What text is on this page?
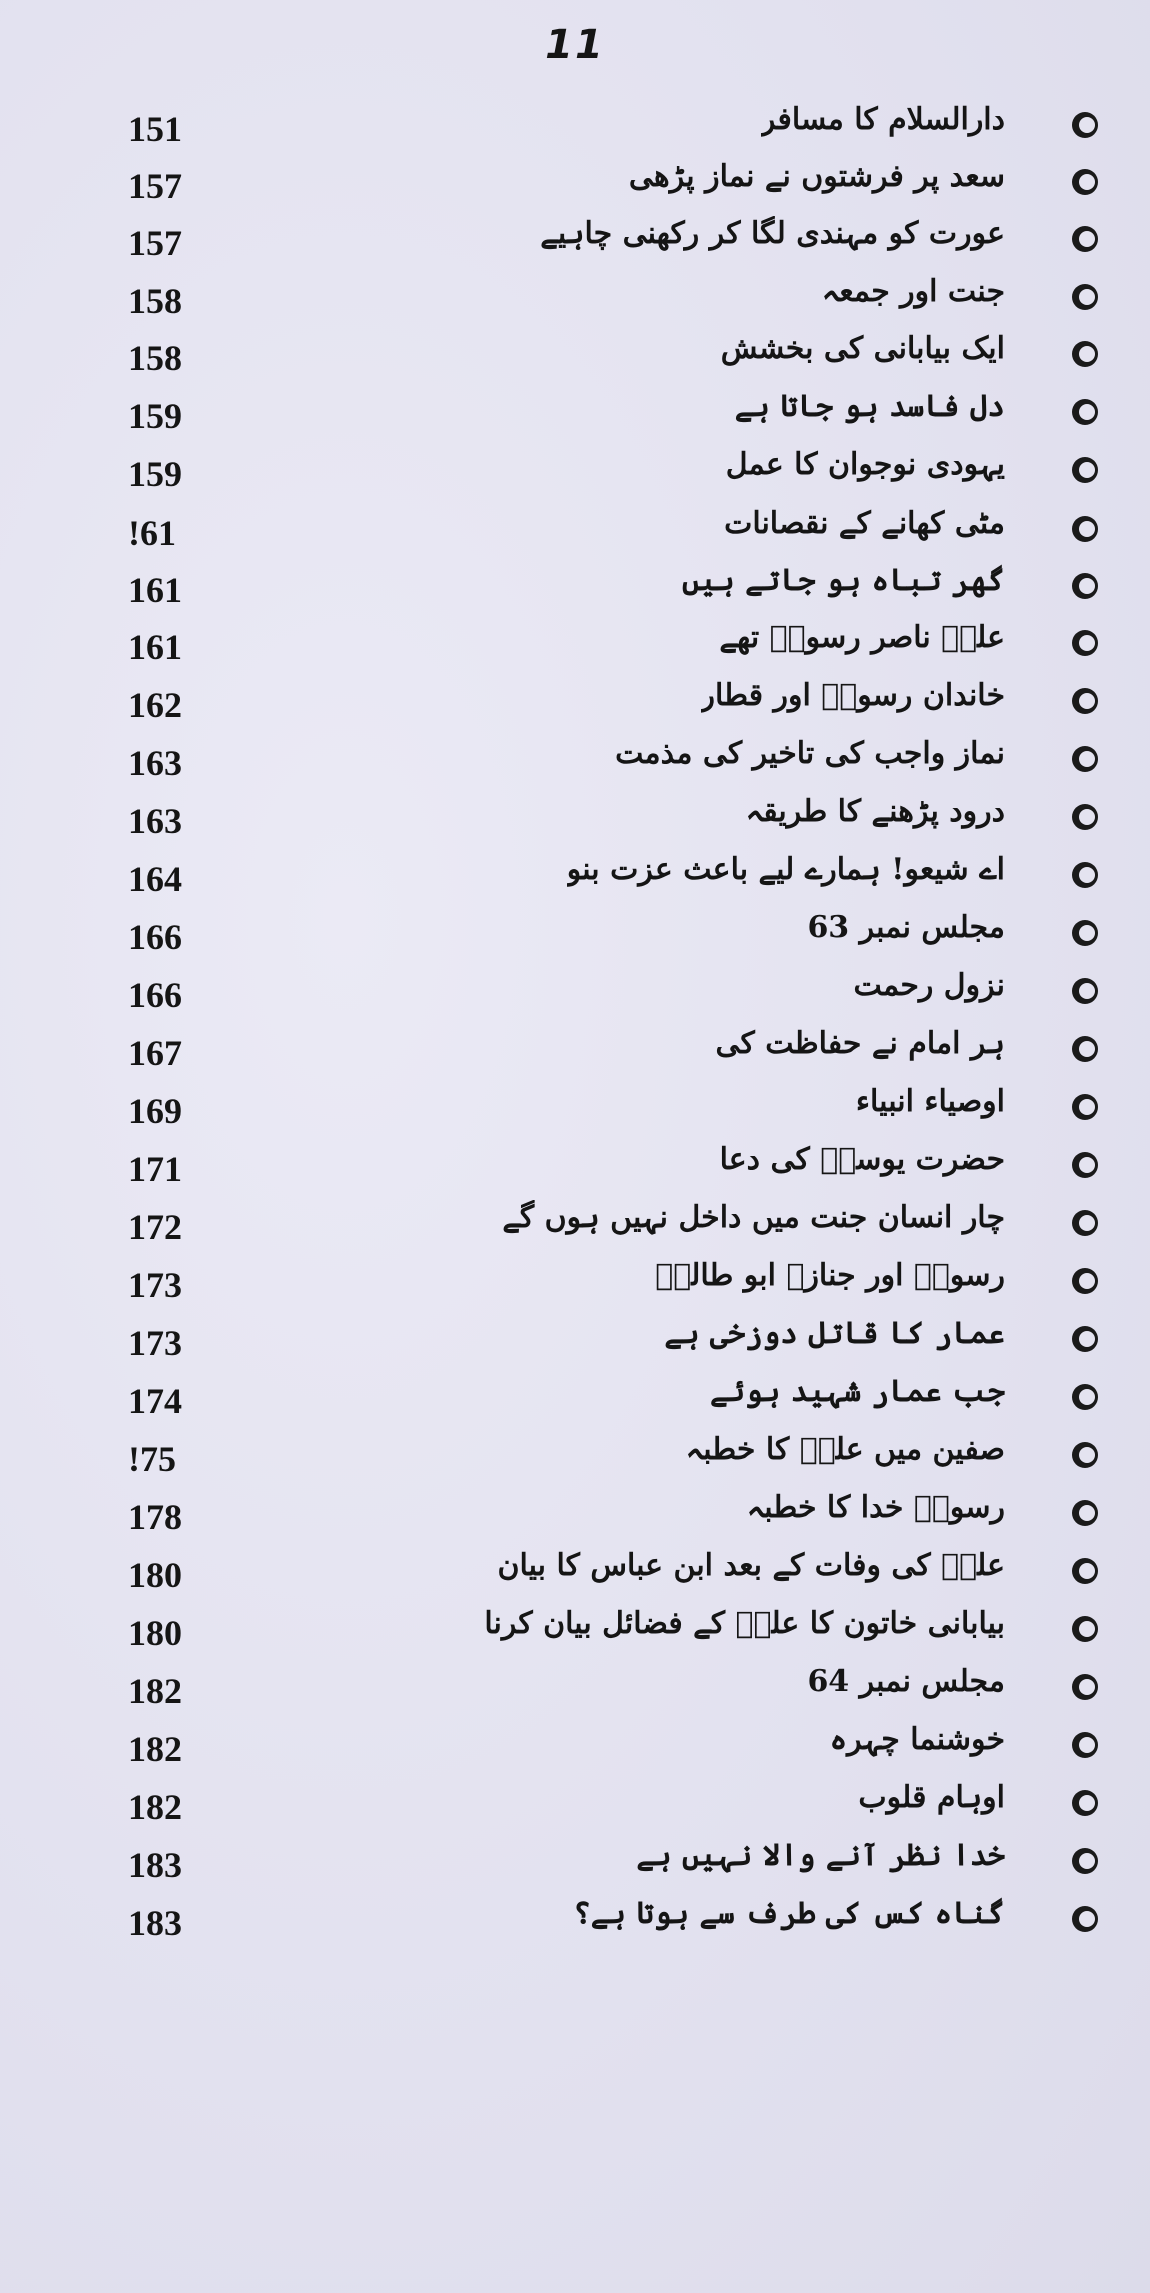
11
151	دارالسلام کا مسافر
157	سعد پر فرشتوں نے نماز پڑھی
157	عورت کو مہندی لگا کر رکھنی چاہیے
158	جنت اور جمعہ
158	ایک بیابانی کی بخشش
159	دل فاسد ہو جاتا ہے
159	یہودی نوجوان کا عمل
!61	مٹی کھانے کے نقصانات
161	گھر تباہ ہو جاتے ہیں
161	علیؑ ناصر رسولؐ تھے
162	خاندان رسولؐ اور قطار
163	نماز واجب کی تاخیر کی مذمت
163	درود پڑھنے کا طریقہ
164	اے شیعو! ہمارے لیے باعث عزت بنو
166	مجلس نمبر 63
166	نزول رحمت
167	ہر امام نے حفاظت کی
169	اوصیاء انبیاء
171	حضرت یوسفؑ کی دعا
172	چار انسان جنت میں داخل نہیں ہوں گے
173	رسولؐ اور جنازہ ابو طالبؑ
173	عمار کا قاتل دوزخی ہے
174	جب عمار شہید ہوئے
!75	صفین میں علیؑ کا خطبہ
178	رسولؐ خدا کا خطبہ
180	علیؑ کی وفات کے بعد ابن عباس کا بیان
180	بیابانی خاتون کا علیؑ کے فضائل بیان کرنا
182	مجلس نمبر 64
182	خوشنما چہرہ
182	اوہام قلوب
183	خدا نظر آنے والا نہیں ہے
183	گناہ کس کی طرف سے ہوتا ہے؟
